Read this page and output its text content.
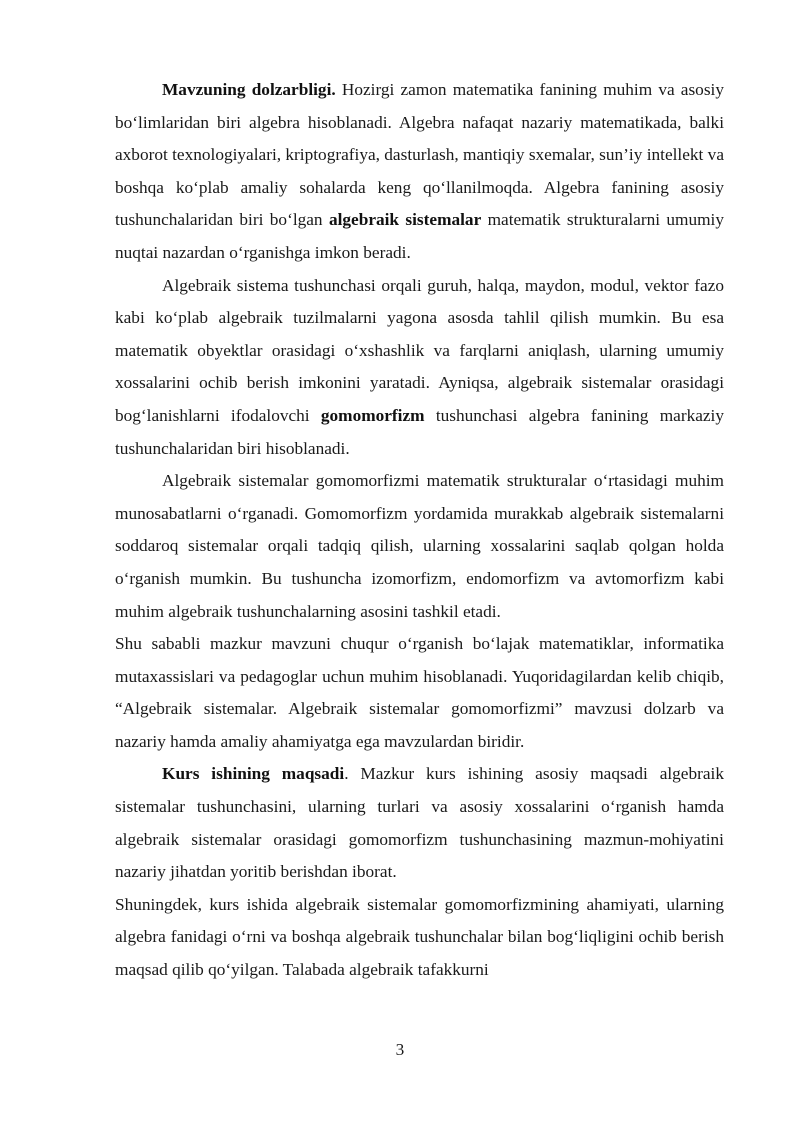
Mavzuning dolzarbligi. Hozirgi zamon matematika fanining muhim va asosiy bo‘limlaridan biri algebra hisoblanadi. Algebra nafaqat nazariy matematikada, balki axborot texnologiyalari, kriptografiya, dasturlash, mantiqiy sxemalar, sun’iy intellekt va boshqa ko‘plab amaliy sohalarda keng qo‘llanilmoqda. Algebra fanining asosiy tushunchalaridan biri bo‘lgan algebraik sistemalar matematik strukturalarni umumiy nuqtai nazardan o‘rganishga imkon beradi.

Algebraik sistema tushunchasi orqali guruh, halqa, maydon, modul, vektor fazo kabi ko‘plab algebraik tuzilmalarni yagona asosda tahlil qilish mumkin. Bu esa matematik obyektlar orasidagi o‘xshashlik va farqlarni aniqlash, ularning umumiy xossalarini ochib berish imkonini yaratadi. Ayniqsa, algebraik sistemalar orasidagi bog‘lanishlarni ifodalovchi gomomorfizm tushunchasi algebra fanining markaziy tushunchalaridan biri hisoblanadi.

Algebraik sistemalar gomomorfizmi matematik strukturalar o‘rtasidagi muhim munosabatlarni o‘rganadi. Gomomorfizm yordamida murakkab algebraik sistemalarni soddaroq sistemalar orqali tadqiq qilish, ularning xossalarini saqlab qolgan holda o‘rganish mumkin. Bu tushuncha izomorfizm, endomorfizm va avtomorfizm kabi muhim algebraik tushunchalarning asosini tashkil etadi.

Shu sababli mazkur mavzuni chuqur o‘rganish bo‘lajak matematiklar, informatika mutaxassislari va pedagoglar uchun muhim hisoblanadi. Yuqoridagilardan kelib chiqib, “Algebraik sistemalar. Algebraik sistemalar gomomorfizmi” mavzusi dolzarb va nazariy hamda amaliy ahamiyatga ega mavzulardan biridir.

Kurs ishining maqsadi. Mazkur kurs ishining asosiy maqsadi algebraik sistemalar tushunchasini, ularning turlari va asosiy xossalarini o‘rganish hamda algebraik sistemalar orasidagi gomomorfizm tushunchasining mazmun-mohiyatini nazariy jihatdan yoritib berishdan iborat.

Shuningdek, kurs ishida algebraik sistemalar gomomorfizmining ahamiyati, ularning algebra fanidagi o‘rni va boshqa algebraik tushunchalar bilan bog‘liqligini ochib berish maqsad qilib qo‘yilgan. Talabada algebraik tafakkurni

3
